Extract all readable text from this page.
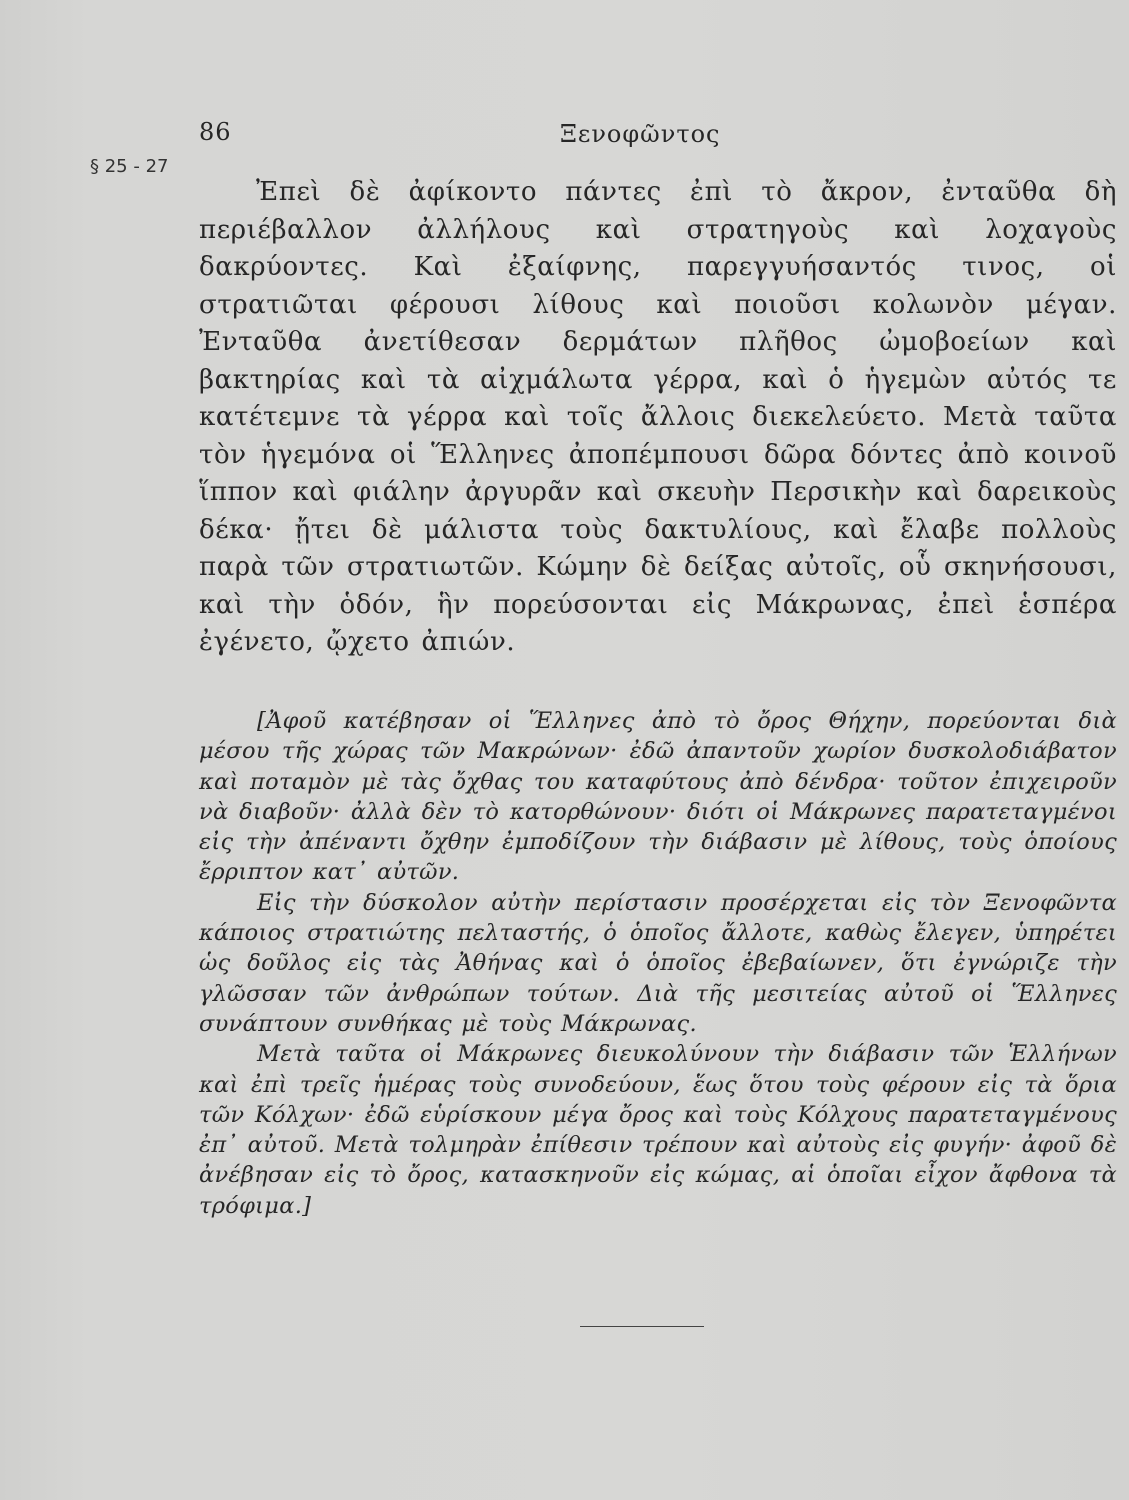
86	Ξενοφῶντος
§ 25 - 27

Ἐπεὶ δὲ ἀφίκοντο πάντες ἐπὶ τὸ ἄκρον, ἐνταῦθα δὴ περιέβαλλον ἀλλήλους καὶ στρατηγοὺς καὶ λοχαγοὺς δακρύοντες. Καὶ ἐξαίφνης, παρεγγυήσαντός τινος, οἱ στρατιῶται φέρουσι λίθους καὶ ποιοῦσι κολωνὸν μέγαν. Ἐνταῦθα ἀνετίθεσαν δερμάτων πλῆθος ὠμοβοείων καὶ βακτηρίας καὶ τὰ αἰχμάλωτα γέρρα, καὶ ὁ ἡγεμὼν αὐτός τε κατέτεμνε τὰ γέρρα καὶ τοῖς ἄλλοις διεκελεύετο. Μετὰ ταῦτα τὸν ἡγεμόνα οἱ Ἕλληνες ἀποπέμπουσι δῶρα δόντες ἀπὸ κοινοῦ ἵππον καὶ φιάλην ἀργυρᾶν καὶ σκευὴν Περσικὴν καὶ δαρεικοὺς δέκα· ᾔτει δὲ μάλιστα τοὺς δακτυλίους, καὶ ἔλαβε πολλοὺς παρὰ τῶν στρατιωτῶν. Κώμην δὲ δείξας αὐτοῖς, οὗ σκηνήσουσι, καὶ τὴν ὁδόν, ἣν πορεύσονται εἰς Μάκρωνας, ἐπεὶ ἑσπέρα ἐγένετο, ᾤχετο ἀπιών.

[Ἀφοῦ κατέβησαν οἱ Ἕλληνες ἀπὸ τὸ ὄρος Θήχην, πορεύονται διὰ μέσου τῆς χώρας τῶν Μακρώνων· ἐδῶ ἀπαντοῦν χωρίον δυσκολοδιάβατον καὶ ποταμὸν μὲ τὰς ὄχθας του καταφύτους ἀπὸ δένδρα· τοῦτον ἐπιχειροῦν νὰ διαβοῦν· ἀλλὰ δὲν τὸ κατορθώνουν· διότι οἱ Μάκρωνες παρατεταγμένοι εἰς τὴν ἀπέναντι ὄχθην ἐμποδίζουν τὴν διάβασιν μὲ λίθους, τοὺς ὁποίους ἔρριπτον κατ᾽ αὐτῶν.

Εἰς τὴν δύσκολον αὐτὴν περίστασιν προσέρχεται εἰς τὸν Ξενοφῶντα κάποιος στρατιώτης πελταστής, ὁ ὁποῖος ἄλλοτε, καθὼς ἔλεγεν, ὑπηρέτει ὡς δοῦλος εἰς τὰς Ἀθήνας καὶ ὁ ὁποῖος ἐβεβαίωνεν, ὅτι ἐγνώριζε τὴν γλῶσσαν τῶν ἀνθρώπων τούτων. Διὰ τῆς μεσιτείας αὐτοῦ οἱ Ἕλληνες συνάπτουν συνθήκας μὲ τοὺς Μάκρωνας.

Μετὰ ταῦτα οἱ Μάκρωνες διευκολύνουν τὴν διάβασιν τῶν Ἑλλήνων καὶ ἐπὶ τρεῖς ἡμέρας τοὺς συνοδεύουν, ἕως ὅτου τοὺς φέρουν εἰς τὰ ὅρια τῶν Κόλχων· ἐδῶ εὑρίσκουν μέγα ὄρος καὶ τοὺς Κόλχους παρατεταγμένους ἐπ᾽ αὐτοῦ. Μετὰ τολμηρὰν ἐπίθεσιν τρέπουν καὶ αὐτοὺς εἰς φυγήν· ἀφοῦ δὲ ἀνέβησαν εἰς τὸ ὄρος, κατασκηνοῦν εἰς κώμας, αἱ ὁποῖαι εἶχον ἄφθονα τὰ τρόφιμα.]
